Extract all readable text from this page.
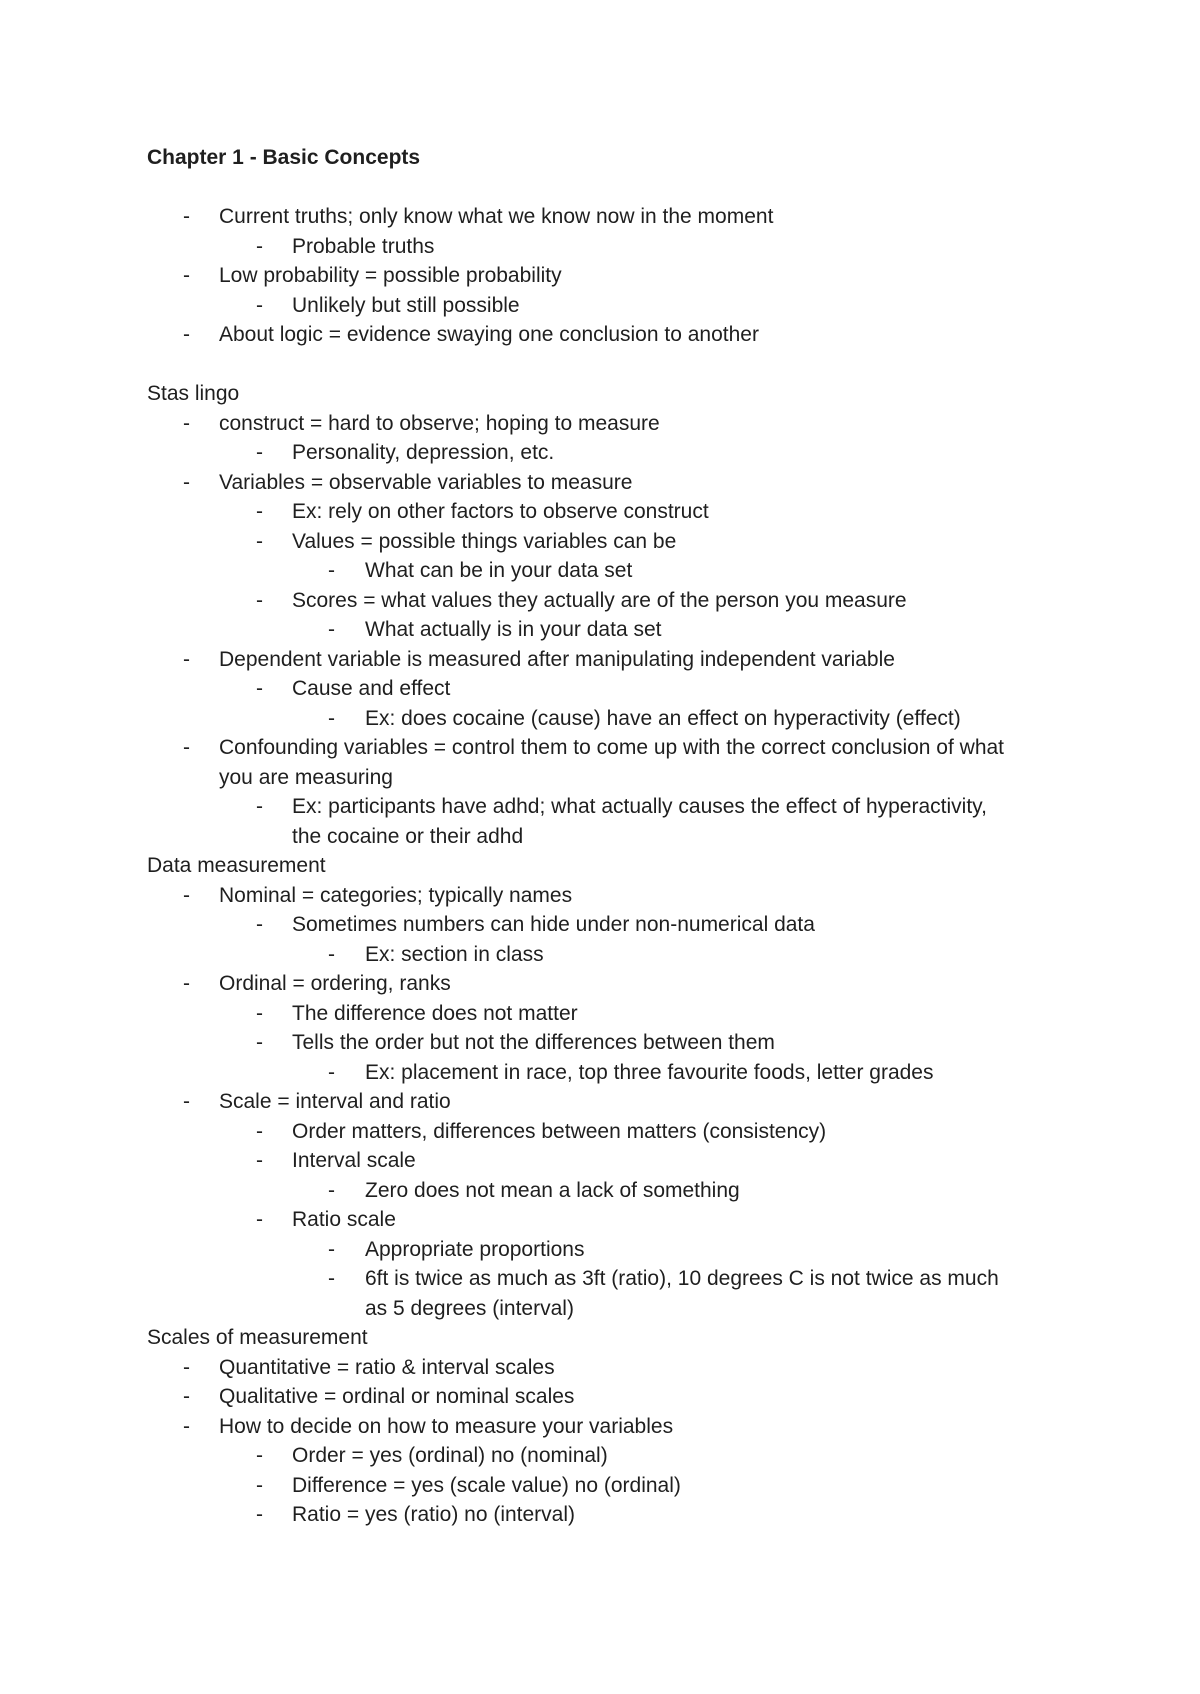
Chapter 1 - Basic Concepts
-	Current truths; only know what we know now in the moment
-	Probable truths
-	Low probability = possible probability
-	Unlikely but still possible
-	About logic = evidence swaying one conclusion to another
Stas lingo
-	construct = hard to observe; hoping to measure
-	Personality, depression, etc.
-	Variables = observable variables to measure
-	Ex: rely on other factors to observe construct
-	Values = possible things variables can be
-	What can be in your data set
-	Scores = what values they actually are of the person you measure
-	What actually is in your data set
-	Dependent variable is measured after manipulating independent variable
-	Cause and effect
-	Ex: does cocaine (cause) have an effect on hyperactivity (effect)
-	Confounding variables = control them to come up with the correct conclusion of what
you are measuring
-	Ex: participants have adhd; what actually causes the effect of hyperactivity,
the cocaine or their adhd
Data measurement
-	Nominal = categories; typically names
-	Sometimes numbers can hide under non-numerical data
-	Ex: section in class
-	Ordinal = ordering, ranks
-	The difference does not matter
-	Tells the order but not the differences between them
-	Ex: placement in race, top three favourite foods, letter grades
-	Scale = interval and ratio
-	Order matters, differences between matters (consistency)
-	Interval scale
-	Zero does not mean a lack of something
-	Ratio scale
-	Appropriate proportions
-	6ft is twice as much as 3ft (ratio), 10 degrees C is not twice as much
as 5 degrees (interval)
Scales of measurement
-	Quantitative = ratio & interval scales
-	Qualitative = ordinal or nominal scales
-	How to decide on how to measure your variables
-	Order = yes (ordinal) no (nominal)
-	Difference = yes (scale value) no (ordinal)
-	Ratio = yes (ratio) no (interval)
